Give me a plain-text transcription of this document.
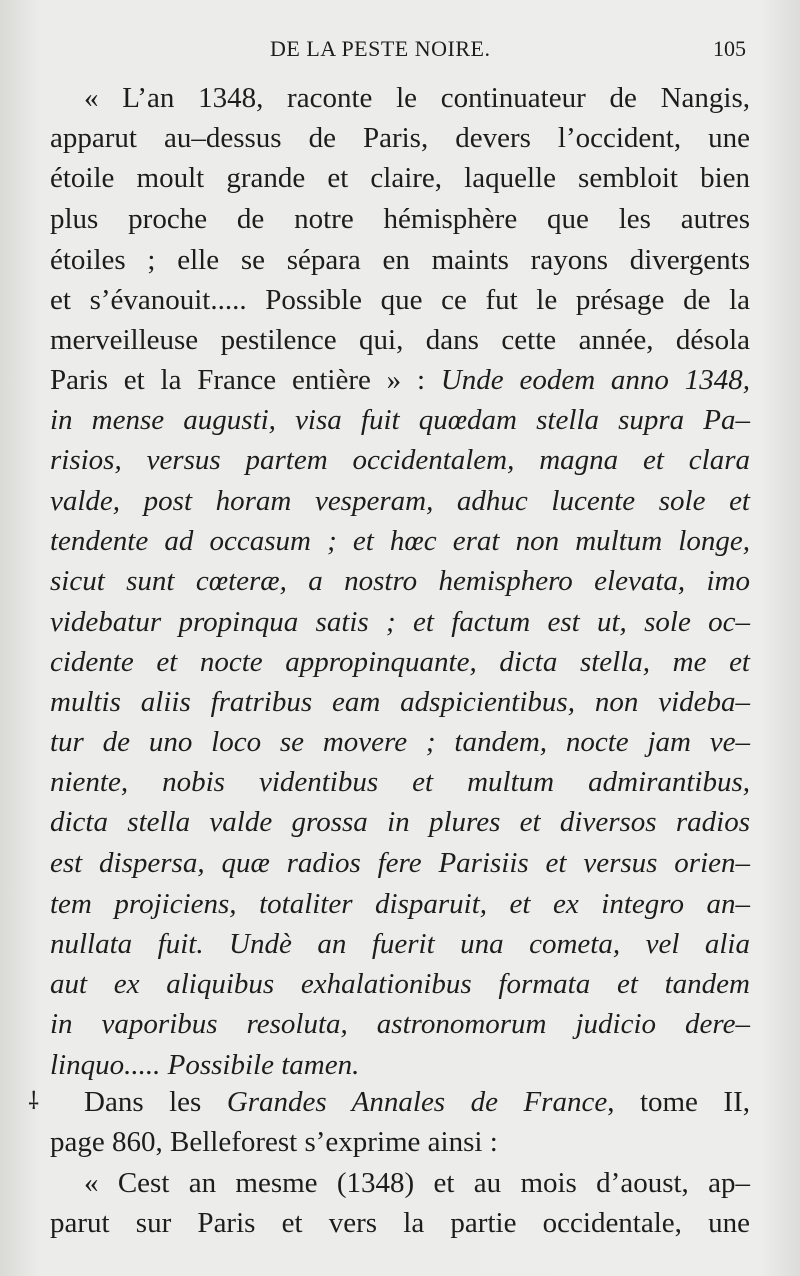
DE LA PESTE NOIRE.	105
« L’an 1348, raconte le continuateur de Nangis,
apparut au–dessus de Paris, devers l’occident, une
étoile moult grande et claire, laquelle sembloit bien
plus proche de notre hémisphère que les autres
étoiles ; elle se sépara en maints rayons divergents
et s’évanouit..... Possible que ce fut le présage de la
merveilleuse pestilence qui, dans cette année, désola
Paris et la France entière » : Unde eodem anno 1348,
in mense augusti, visa fuit quœdam stella supra Pa–
risios, versus partem occidentalem, magna et clara
valde, post horam vesperam, adhuc lucente sole et
tendente ad occasum ; et hœc erat non multum longe,
sicut sunt cœteræ, a nostro hemisphero elevata, imo
videbatur propinqua satis ; et factum est ut, sole oc–
cidente et nocte appropinquante, dicta stella, me et
multis aliis fratribus eam adspicientibus, non videba–
tur de uno loco se movere ; tandem, nocte jam ve–
niente, nobis videntibus et multum admirantibus,
dicta stella valde grossa in plures et diversos radios
est dispersa, quæ radios fere Parisiis et versus orien–
tem projiciens, totaliter disparuit, et ex integro an–
nullata fuit. Undè an fuerit una cometa, vel alia
aut ex aliquibus exhalationibus formata et tandem
in vaporibus resoluta, astronomorum judicio dere–
linquo..... Possibile tamen.
⸸	Dans les Grandes Annales de France, tome II,
page 860, Belleforest s’exprime ainsi :
« Cest an mesme (1348) et au mois d’aoust, ap–
parut sur Paris et vers la partie occidentale, une
